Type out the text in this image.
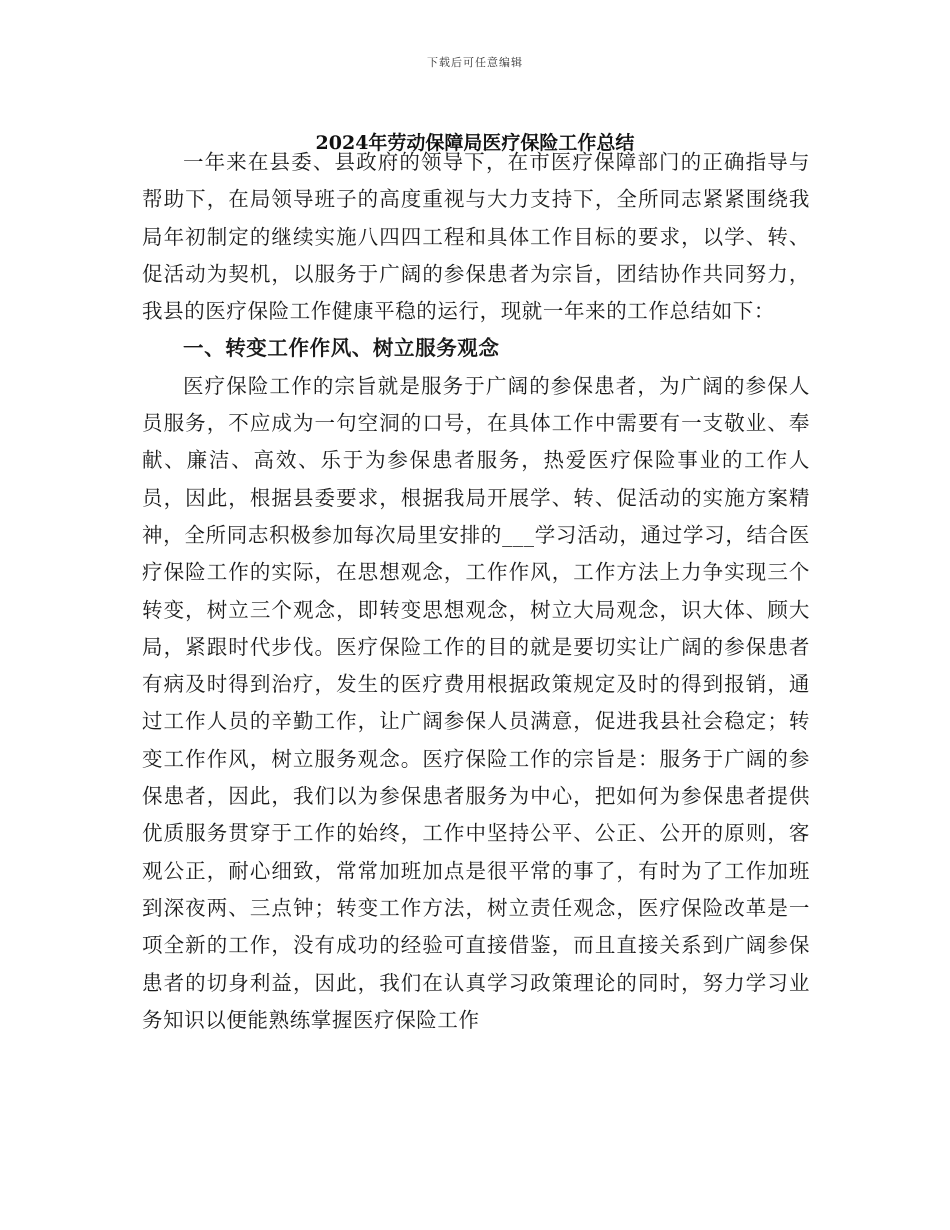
下载后可任意编辑
2024年劳动保障局医疗保险工作总结

一年来在县委、县政府的领导下，在市医疗保障部门的正确指导与帮助下，在局领导班子的高度重视与大力支持下，全所同志紧紧围绕我局年初制定的继续实施八四四工程和具体工作目标的要求，以学、转、促活动为契机，以服务于广阔的参保患者为宗旨，团结协作共同努力，我县的医疗保险工作健康平稳的运行，现就一年来的工作总结如下：

一、转变工作作风、树立服务观念

医疗保险工作的宗旨就是服务于广阔的参保患者，为广阔的参保人员服务，不应成为一句空洞的口号，在具体工作中需要有一支敬业、奉献、廉洁、高效、乐于为参保患者服务，热爱医疗保险事业的工作人员，因此，根据县委要求，根据我局开展学、转、促活动的实施方案精神，全所同志积极参加每次局里安排的___学习活动，通过学习，结合医疗保险工作的实际，在思想观念，工作作风，工作方法上力争实现三个转变，树立三个观念，即转变思想观念，树立大局观念，识大体、顾大局，紧跟时代步伐。医疗保险工作的目的就是要切实让广阔的参保患者有病及时得到治疗，发生的医疗费用根据政策规定及时的得到报销，通过工作人员的辛勤工作，让广阔参保人员满意，促进我县社会稳定；转变工作作风，树立服务观念。医疗保险工作的宗旨是：服务于广阔的参保患者，因此，我们以为参保患者服务为中心，把如何为参保患者提供优质服务贯穿于工作的始终，工作中坚持公平、公正、公开的原则，客观公正，耐心细致，常常加班加点是很平常的事了，有时为了工作加班到深夜两、三点钟；转变工作方法，树立责任观念，医疗保险改革是一项全新的工作，没有成功的经验可直接借鉴，而且直接关系到广阔参保患者的切身利益，因此，我们在认真学习政策理论的同时，努力学习业务知识以便能熟练掌握医疗保险工作
